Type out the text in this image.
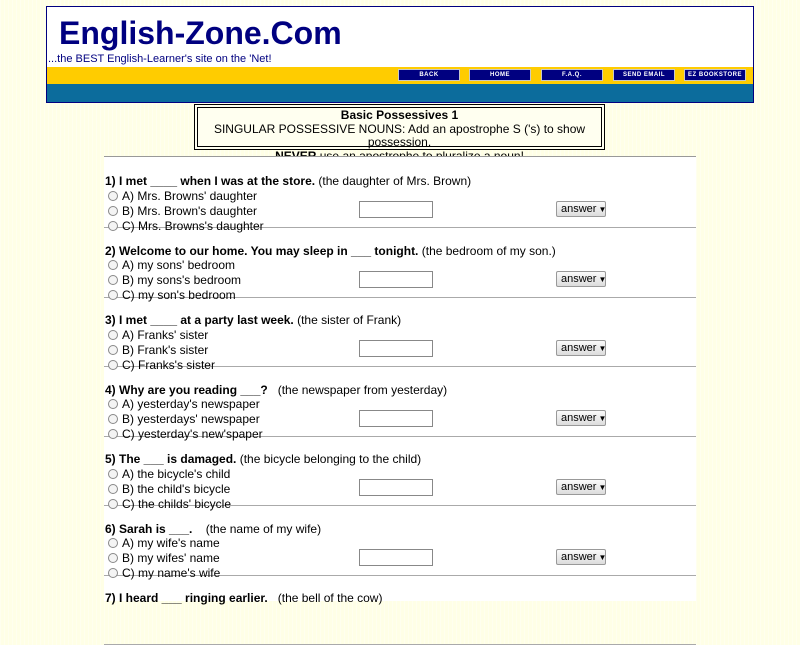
English-Zone.Com
...the BEST English-Learner's site on the 'Net!
BACK	HOME	F.A.Q.	SEND EMAIL	EZ BOOKSTORE
Basic Possessives 1
SINGULAR POSSESSIVE NOUNS: Add an apostrophe S ('s) to show possession.
1) I met ____ when I was at the store. (the daughter of Mrs. Brown)
A) Mrs. Browns' daughter
B) Mrs. Brown's daughter
C) Mrs. Browns's daughter
answer ▼
2) Welcome to our home. You may sleep in ___ tonight. (the bedroom of my son.)
A) my sons' bedroom
B) my sons's bedroom
C) my son's bedroom
answer ▼
3) I met ____ at a party last week. (the sister of Frank)
A) Franks' sister
B) Frank's sister
C) Franks's sister
answer ▼
4) Why are you reading ___?   (the newspaper from yesterday)
A) yesterday's newspaper
B) yesterdays' newspaper
C) yesterday's new'spaper
answer ▼
5) The ___ is damaged. (the bicycle belonging to the child)
A) the bicycle's child
B) the child's bicycle
C) the childs' bicycle
answer ▼
6) Sarah is ___.    (the name of my wife)
A) my wife's name
B) my wifes' name
C) my name's wife
answer ▼
7) I heard ___ ringing earlier.   (the bell of the cow)
